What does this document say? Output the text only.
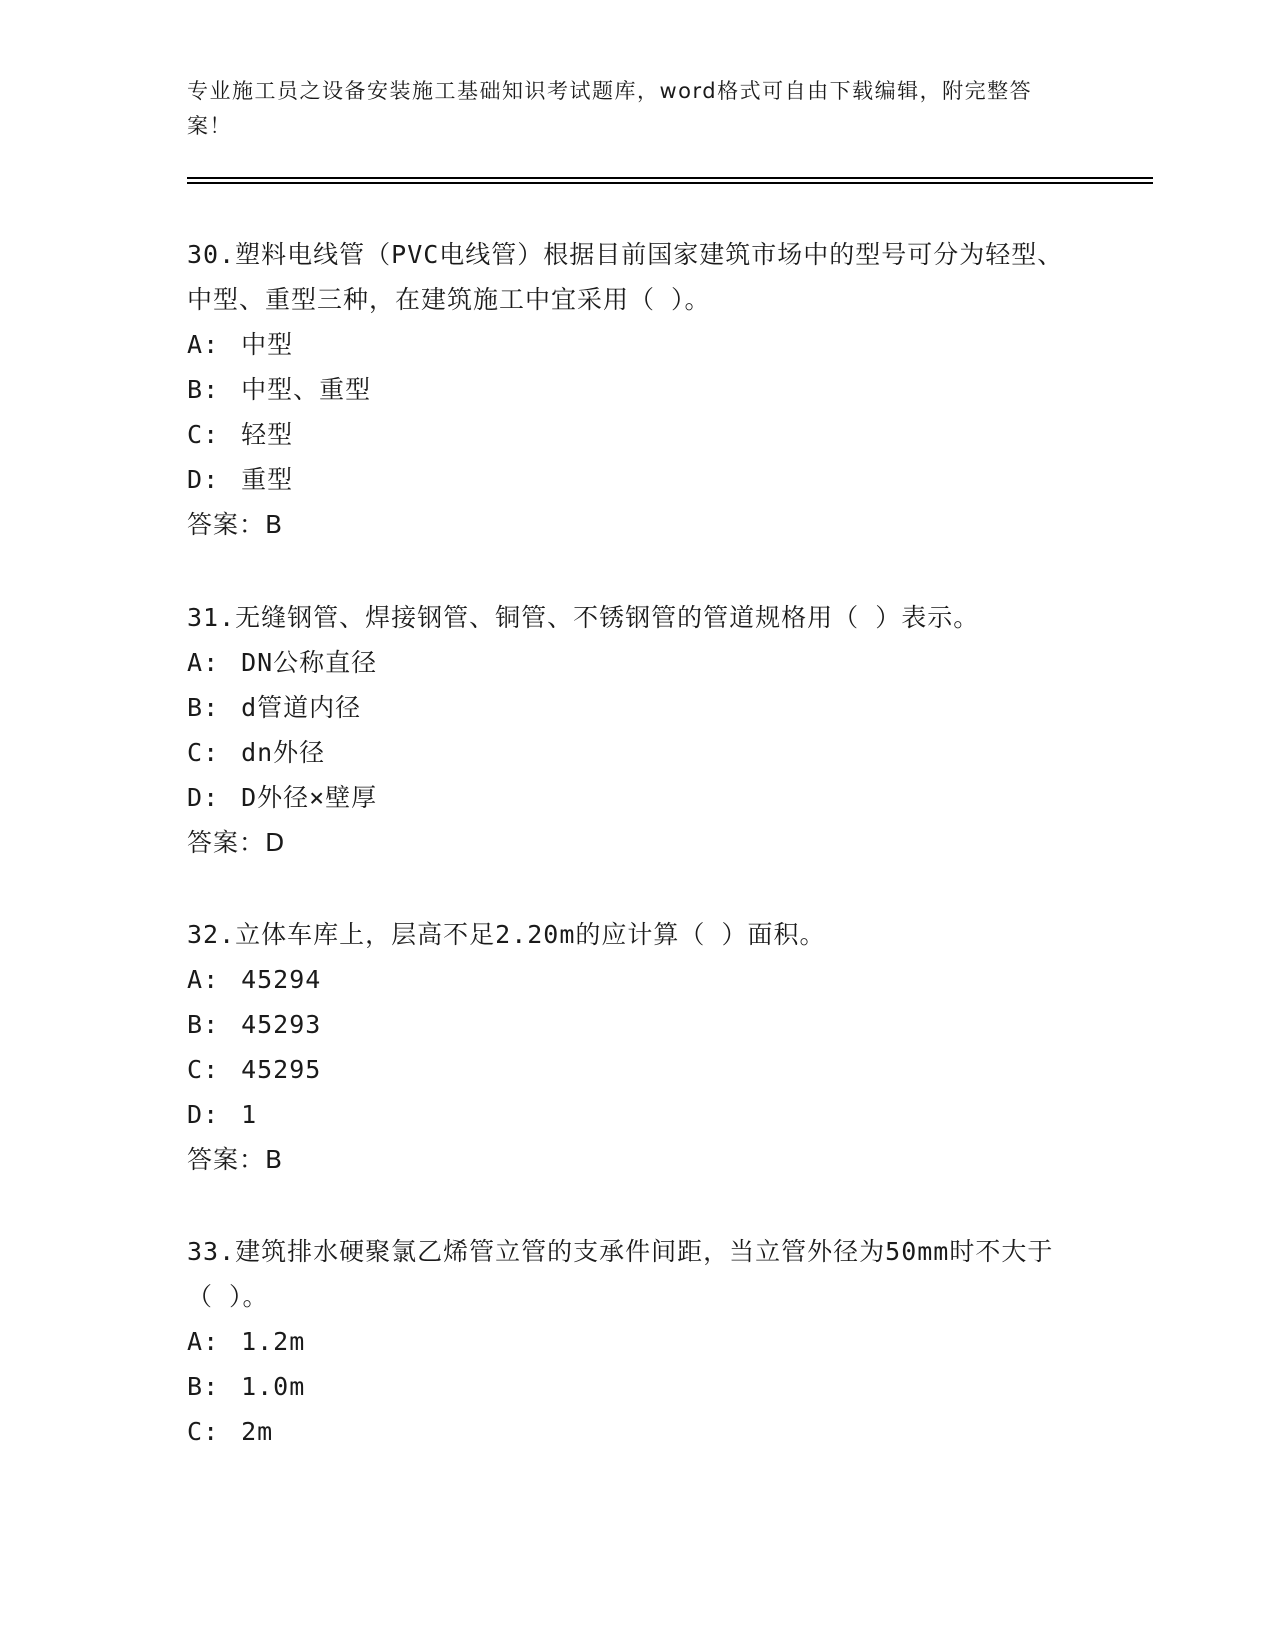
专业施工员之设备安装施工基础知识考试题库，word格式可自由下载编辑，附完整答案！

30.塑料电线管（PVC电线管）根据目前国家建筑市场中的型号可分为轻型、中型、重型三种，在建筑施工中宜采用（ ）。

A: 中型
B: 中型、重型
C: 轻型
D: 重型
答案：B

31.无缝钢管、焊接钢管、铜管、不锈钢管的管道规格用（ ）表示。

A: DN公称直径
B: d管道内径
C: dn外径
D: D外径×壁厚
答案：D

32.立体车库上，层高不足2.20m的应计算（ ）面积。

A: 45294
B: 45293
C: 45295
D: 1
答案：B

33.建筑排水硬聚氯乙烯管立管的支承件间距，当立管外径为50mm时不大于（ ）。

A: 1.2m
B: 1.0m
C: 2m
